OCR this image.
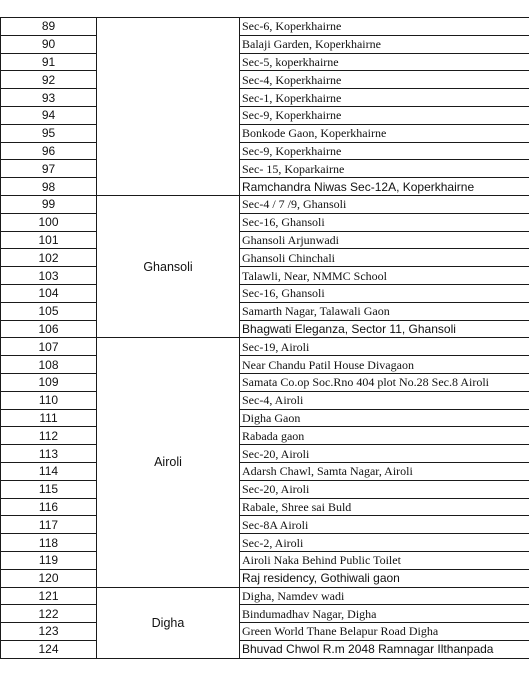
89		Sec-6, Koperkhairne
90		Balaji Garden, Koperkhairne
91		Sec-5, koperkhairne
92		Sec-4, Koperkhairne
93		Sec-1, Koperkhairne
94		Sec-9, Koperkhairne
95		Bonkode Gaon, Koperkhairne
96		Sec-9, Koperkhairne
97		Sec- 15, Koparkairne
98		Ramchandra Niwas Sec-12A, Koperkhairne
99	Ghansoli	Sec-4 / 7 /9, Ghansoli
100		Sec-16, Ghansoli
101		Ghansoli Arjunwadi
102		Ghansoli Chinchali
103		Talawli, Near, NMMC School
104		Sec-16, Ghansoli
105		Samarth Nagar, Talawali Gaon
106		Bhagwati Eleganza, Sector 11, Ghansoli
107	Airoli	Sec-19, Airoli
108		Near Chandu Patil House Divagaon
109		Samata Co.op Soc.Rno 404 plot No.28 Sec.8 Airoli
110		Sec-4, Airoli
111		Digha Gaon
112		Rabada gaon
113		Sec-20, Airoli
114		Adarsh Chawl, Samta Nagar, Airoli
115		Sec-20, Airoli
116		Rabale, Shree sai Buld
117		Sec-8A Airoli
118		Sec-2, Airoli
119		Airoli Naka Behind Public Toilet
120		Raj residency, Gothiwali gaon
121	Digha	Digha, Namdev wadi
122		Bindumadhav Nagar, Digha
123		Green World Thane Belapur Road Digha
124		Bhuvad Chwol R.m 2048 Ramnagar Ilthanpada
